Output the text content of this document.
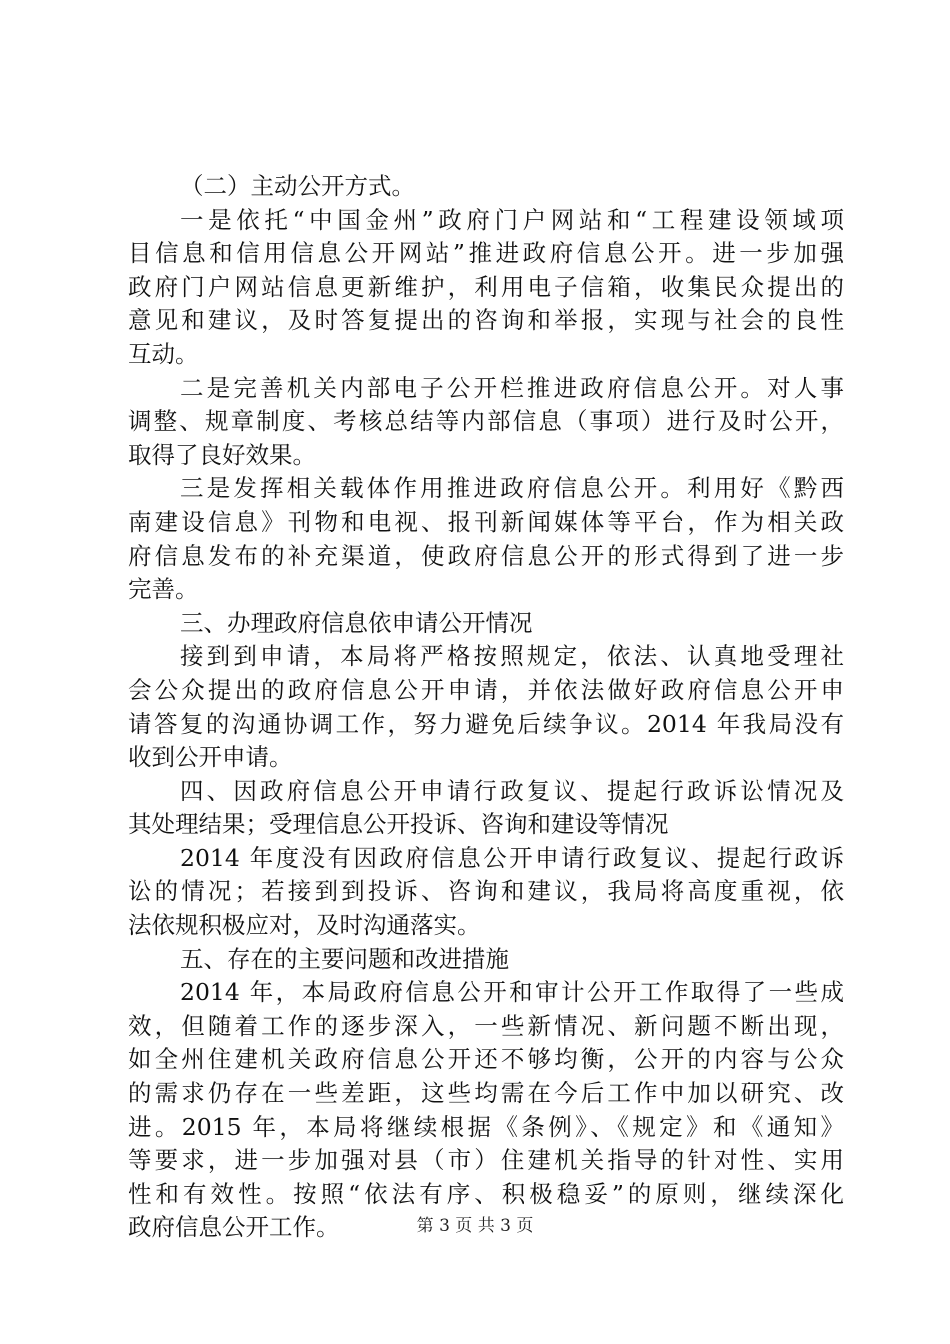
（二）主动公开方式。
一是依托“中国金州”政府门户网站和“工程建设领域项
目信息和信用信息公开网站”推进政府信息公开。进一步加强
政府门户网站信息更新维护，利用电子信箱，收集民众提出的
意见和建议，及时答复提出的咨询和举报，实现与社会的良性
互动。
二是完善机关内部电子公开栏推进政府信息公开。对人事
调整、规章制度、考核总结等内部信息（事项）进行及时公开，
取得了良好效果。
三是发挥相关载体作用推进政府信息公开。利用好《黔西
南建设信息》刊物和电视、报刊新闻媒体等平台，作为相关政
府信息发布的补充渠道，使政府信息公开的形式得到了进一步
完善。
三、办理政府信息依申请公开情况
接到到申请，本局将严格按照规定，依法、认真地受理社
会公众提出的政府信息公开申请，并依法做好政府信息公开申
请答复的沟通协调工作，努力避免后续争议。2014 年我局没有
收到公开申请。
四、因政府信息公开申请行政复议、提起行政诉讼情况及
其处理结果；受理信息公开投诉、咨询和建设等情况
2014 年度没有因政府信息公开申请行政复议、提起行政诉
讼的情况；若接到到投诉、咨询和建议，我局将高度重视，依
法依规积极应对，及时沟通落实。
五、存在的主要问题和改进措施
2014 年，本局政府信息公开和审计公开工作取得了一些成
效，但随着工作的逐步深入，一些新情况、新问题不断出现，
如全州住建机关政府信息公开还不够均衡，公开的内容与公众
的需求仍存在一些差距，这些均需在今后工作中加以研究、改
进。2015 年，本局将继续根据《条例》、《规定》和《通知》
等要求，进一步加强对县（市）住建机关指导的针对性、实用
性和有效性。按照“依法有序、积极稳妥”的原则，继续深化
政府信息公开工作。	第 3 页 共 3 页
